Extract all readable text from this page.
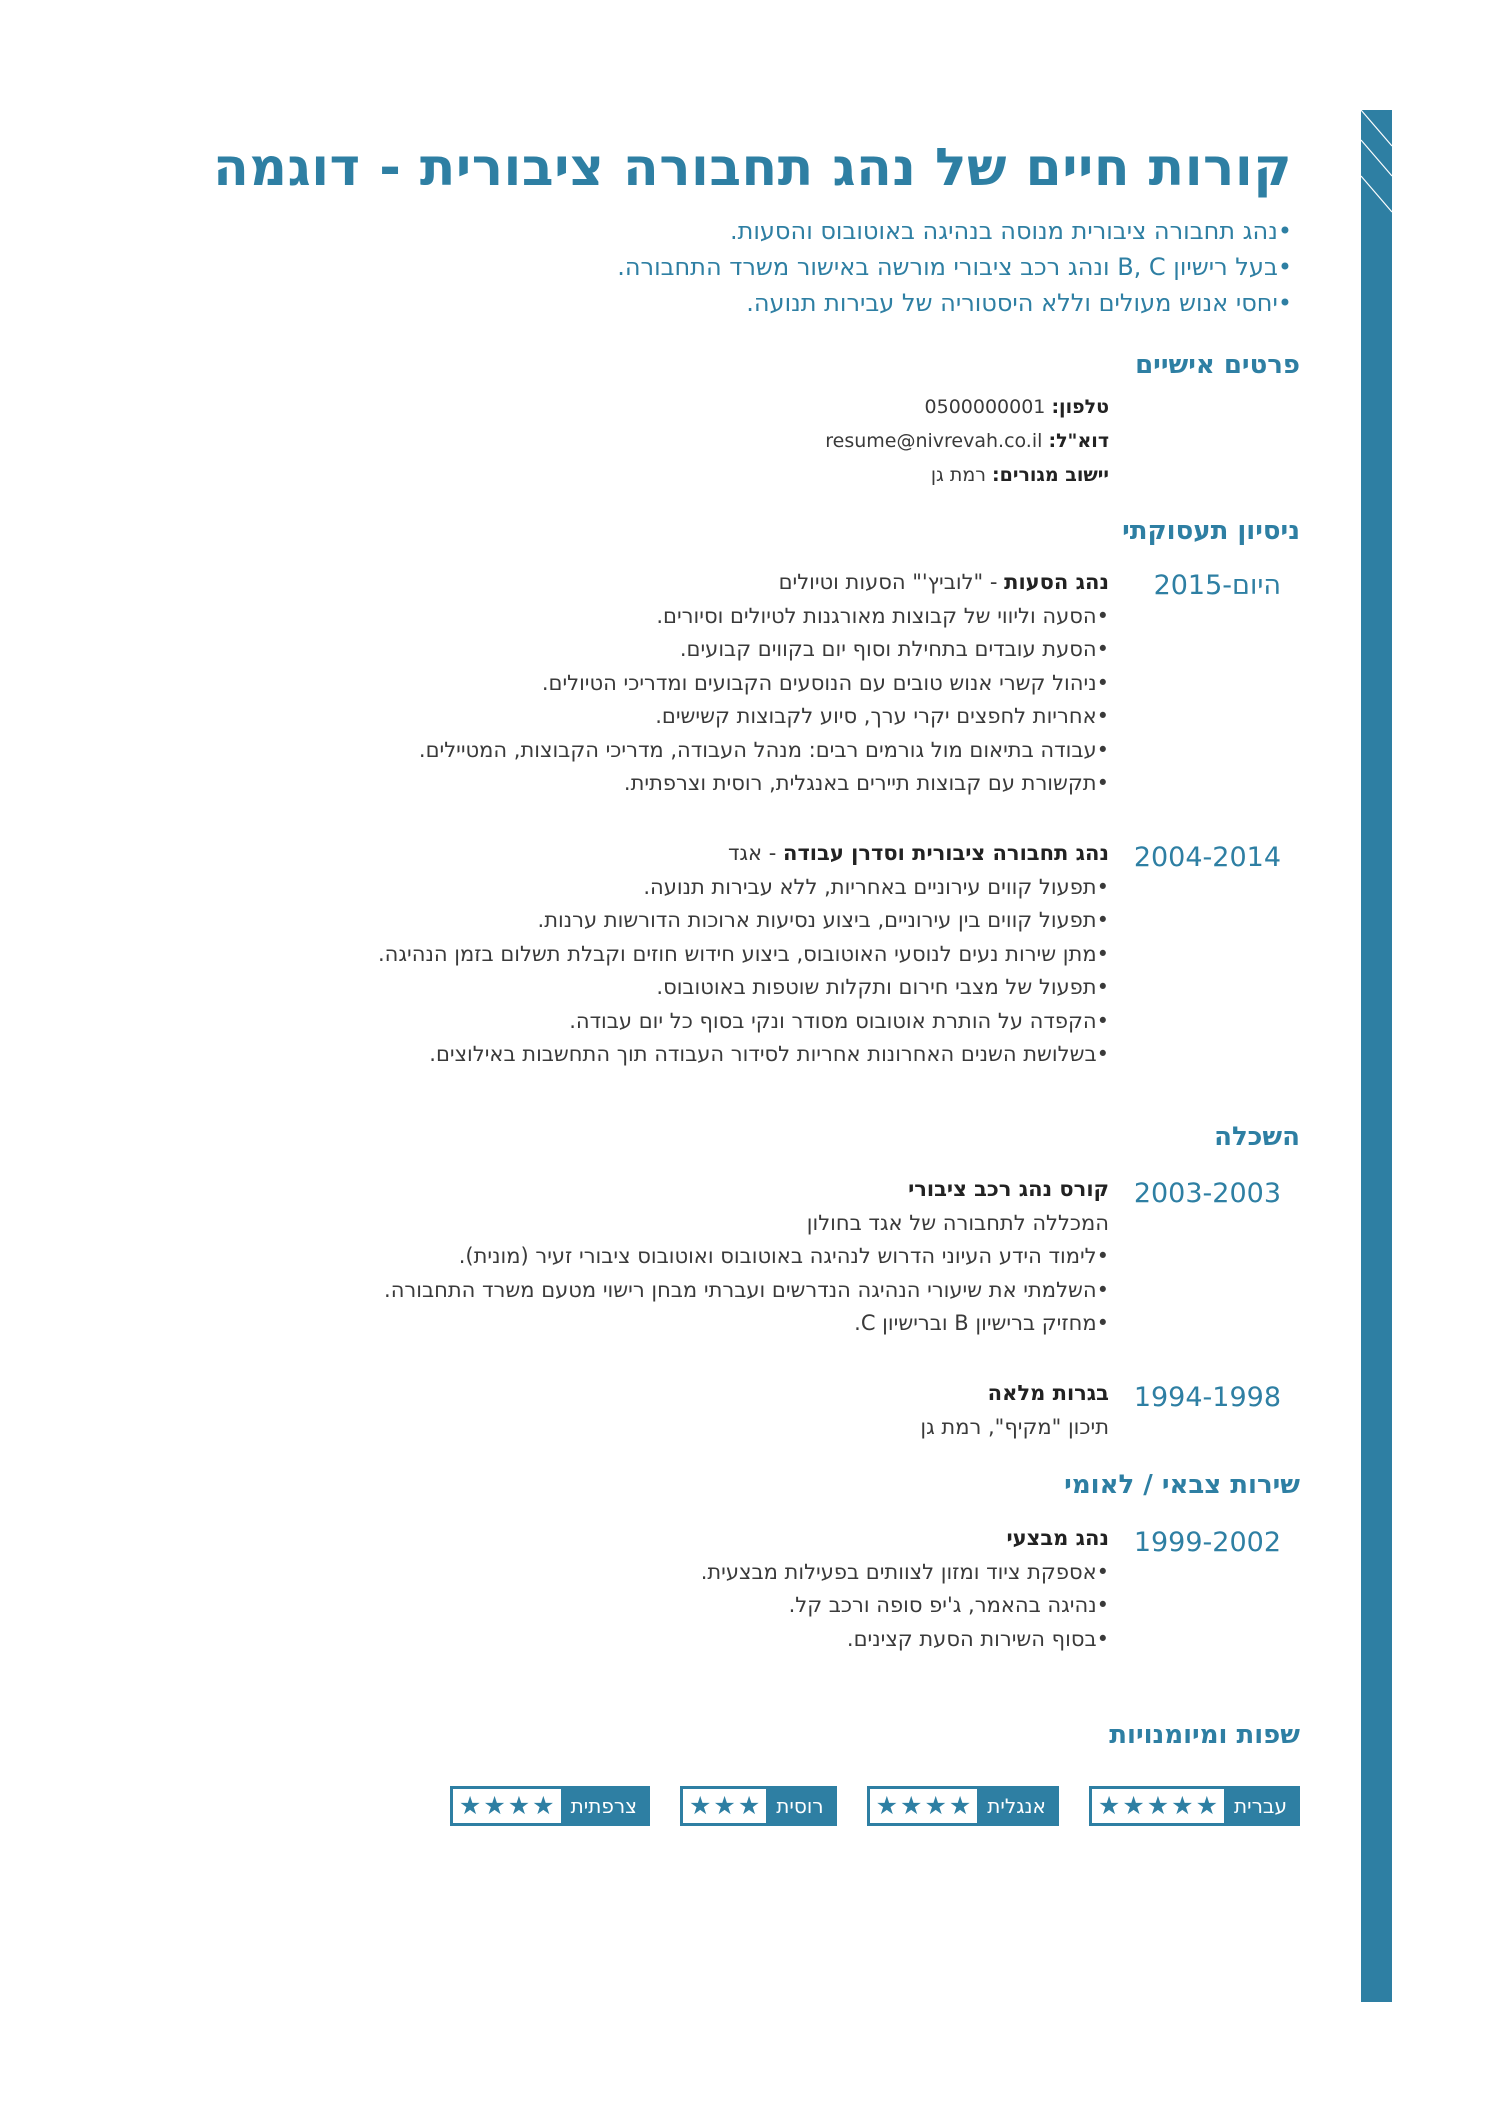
קורות חיים של נהג תחבורה ציבורית - דוגמה
•נהג תחבורה ציבורית מנוסה בנהיגה באוטובוס והסעות.
•בעל רישיון B, C ונהג רכב ציבורי מורשה באישור משרד התחבורה.
•יחסי אנוש מעולים וללא היסטוריה של עבירות תנועה.
פרטים אישיים
טלפון: 0500000001
דוא"ל: resume@nivrevah.co.il
יישוב מגורים: רמת גן
ניסיון תעסוקתי
2015-היום
נהג הסעות - "לוביץ'" הסעות וטיולים
•הסעה וליווי של קבוצות מאורגנות לטיולים וסיורים.
•הסעת עובדים בתחילת וסוף יום בקווים קבועים.
•ניהול קשרי אנוש טובים עם הנוסעים הקבועים ומדריכי הטיולים.
•אחריות לחפצים יקרי ערך, סיוע לקבוצות קשישים.
•עבודה בתיאום מול גורמים רבים: מנהל העבודה, מדריכי הקבוצות, המטיילים.
•תקשורת עם קבוצות תיירים באנגלית, רוסית וצרפתית.
2004-2014
נהג תחבורה ציבורית וסדרן עבודה - אגד
•תפעול קווים עירוניים באחריות, ללא עבירות תנועה.
•תפעול קווים בין עירוניים, ביצוע נסיעות ארוכות הדורשות ערנות.
•מתן שירות נעים לנוסעי האוטובוס, ביצוע חידוש חוזים וקבלת תשלום בזמן הנהיגה.
•תפעול של מצבי חירום ותקלות שוטפות באוטובוס.
•הקפדה על הותרת אוטובוס מסודר ונקי בסוף כל יום עבודה.
•בשלושת השנים האחרונות אחריות לסידור העבודה תוך התחשבות באילוצים.
השכלה
2003-2003
קורס נהג רכב ציבורי
המכללה לתחבורה של אגד בחולון
•לימוד הידע העיוני הדרוש לנהיגה באוטובוס ואוטובוס ציבורי זעיר (מונית).
•השלמתי את שיעורי הנהיגה הנדרשים ועברתי מבחן רישוי מטעם משרד התחבורה.
•מחזיק ברישיון B וברישיון C.
1994-1998
בגרות מלאה
תיכון "מקיף", רמת גן
שירות צבאי / לאומי
1999-2002
נהג מבצעי
•אספקת ציוד ומזון לצוותים בפעילות מבצעית.
•נהיגה בהאמר, ג'יפ סופה ורכב קל.
•בסוף השירות הסעת קצינים.
שפות ומיומנויות
עברית
★ ★ ★ ★ ★
אנגלית
★ ★ ★ ★
רוסית
★ ★ ★
צרפתית
★ ★ ★ ★
